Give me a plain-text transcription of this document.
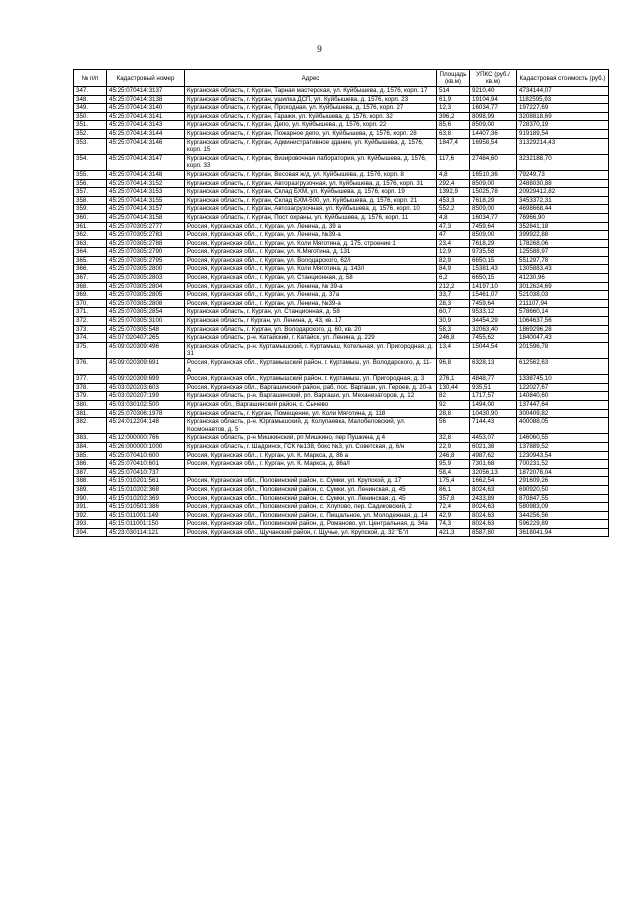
9
№ п/п	Кадастровый номер	Адрес	Площадь (кв.м)	УПКС (руб./кв.м)	Кадастровая стоимость (руб.)
347.	45:25:070414:3137	Курганская область, г. Курган, Тарная мастерская, ул. Куйбышева, д. 1576, корп. 17	514	9210,40	4734144,07
348.	45:25:070414:3138	Курганская область, г. Курган, ушилка ДСП, ул. Куйбышева, д. 1576, корп. 23	61,9	19104,94	1182595,93
349.	45:25:070414:3140	Курганская область, г. Курган, Проходная, ул. Куйбышева, д. 1576, корп. 27	12,3	16034,77	197227,69
350.	45:25:070414:3141	Курганская область, г. Курган, Гаражи, ул. Куйбышева, д. 1576, корп. 32	396,2	8098,99	3208818,69
351.	45:25:070414:3143	Курганская область, г. Курган, Депо, ул. Куйбышева, д. 1576, корп. 22	85,6	8509,00	728370,19
352.	45:25:070414:3144	Курганская область, г. Курган, Пожарное депо, ул. Куйбышева, д. 1576, корп. 28	63,8	14407,36	919189,54
353.	45:25:070414:3146	Курганская область, г. Курган, Административное здание, ул. Куйбышева, д. 1576, корп. 15	1847,4	16958,54	31329214,43
354.	45:25:070414:3147	Курганская область, г. Курган, Визировочная лаборатория, ул. Куйбышева, д. 1576, корп. 33	117,6	27484,60	3232188,70
355.	45:25:070414:3148	Курганская область, г. Курган, Весовая ж/д, ул. Куйбышева, д. 1576, корп. 8	4,8	16510,36	79249,73
356.	45:25:070414:3152	Курганская область, г. Курган, Авторазгрузочная, ул. Куйбышева, д. 1576, корп. 31	292,4	8509,00	2488030,88
357.	45:25:070414:3153	Курганская область, г. Курган, Склад БХМ, ул. Куйбышева, д. 1576, корп. 19	1392,9	15025,78	20929412,82
358.	45:25:070414:3155	Курганская область, г. Курган, Склад БХМ-500, ул. Куйбышева, д. 1576, корп. 21	453,3	7618,29	3453372,31
359.	45:25:070414:3157	Курганская область, г. Курган, Автозагрузочная, ул. Куйбышева, д. 1576, корп. 10	552,2	8509,00	4698668,44
360.	45:25:070414:3158	Курганская область, г. Курган, Пост охраны, ул. Куйбышева, д. 1576, корп. 11	4,8	16034,77	76966,90
361.	45:25:070305:2777	Россия, Курганская обл., г. Курган, ул. Ленина, д. 39 а	47,3	7459,64	352841,18
362.	45:25:070305:2783	Россия, Курганская обл., г. Курган, ул. Ленина, №39-а	47	8509,00	399922,88
363.	45:25:070305:2788	Россия, Курганская обл., г. Курган, ул. Коли Мяготина, д. 175, строение 1	23,4	7618,29	178268,06
364.	45:25:070305:2790	Россия, Курганская обл., г. Курган, ул. К.Мяготина, д. 131	12,9	9735,58	125588,97
365.	45:25:070305:2795	Россия, Курганская обл., г. Курган, ул. Володарского, 62/I	82,9	6650,15	551297,78
366.	45:25:070305:2800	Россия, Курганская обл., г. Курган, ул. Коли Мяготина, д. 143/I	84,9	15381,43	1305883,43
367.	45:25:070305:2803	Россия, Курганская обл., г. Курган, ул. Станционная, д. 58	6,2	6650,15	41230,96
368.	45:25:070305:2804	Россия, Курганская обл., г. Курган, ул. Ленина, № 39-а	212,2	14197,10	3012624,69
369.	45:25:070305:2805	Россия, Курганская обл., г. Курган, ул. Ленина, д. 37а	33,7	15461,07	521038,03
370.	45:25:070305:2808	Россия, Курганская обл., г. Курган, ул. Ленина, №39-а	28,3	7459,64	211107,94
371.	45:25:070305:2854	Курганская область, г. Курган, ул. Станционная, д. 58	60,7	9533,12	578660,14
372.	45:25:070305:3100	Курганская область, г Курган, ул. Ленина, д. 43, кв. 17	30,9	34454,29	1064637,56
373.	45:25:070305:548	Курганская область, г. Курган, ул. Володарского, д. 60, кв. 20	58,3	32063,40	1869296,28
374.	45:07:020407:265	Курганская область, р-н. Катайский, г. Катайск, ул. Ленина, д. 229	246,8	7455,62	1840047,43
375.	45:09:020309:496	Курганская область, р-н. Куртамышский, г. Куртамыш, Котельная, ул. Пригородная, д. 31	13,4	15044,54	201596,78
376.	45:09:020309:691	Россия, Курганская обл., Куртамышский район, г. Куртамыш, ул. Володарского, д. 11-А	96,8	6328,13	612562,63
377.	45:09:020309:699	Россия, Курганская обл., Куртамышский район, г. Куртамыш, ул. Пригородная, д. 3	276,1	4848,77	1338745,10
378.	45:03:020203:603	Россия, Курганская обл., Варгашинский район, раб. пос. Варгаши, ул. Героев, д. 20-а	130,44	935,51	122027,67
379.	45:03:020207:199	Курганская область, р-н. Варгашинский, рп. Варгаши, ул. Механизаторов, д. 12	82	1717,57	140840,60
380.	45:03:030102:500	Курганская обл., Варгашинский район, с. Сычево	92	1494,00	137447,64
381.	45:25:070306:1978	Курганская область, г. Курган, Помещение, ул. Коли Мяготина, д. 118	28,8	10430,90	300409,82
382.	45:24:012204:148	Курганская область, р-н. Юргамышский, д. Колупаевка, Малобеловский, ул. Космонавтов, д. 5	56	7144,43	400088,05
383.	45:12:000000:766	Курганская область, р-н Мишкинский, рп Мишкино, пер Пушкина, д 4	32,8	4453,07	146060,55
384.	45:26:000000:1000	Курганская область, г. Шадринск, ГСК №138, бокс №3, ул. Советская, д. 6/н	22,9	6021,38	137889,52
385.	45:25:070410:600	Россия, Курганская обл., г. Курган, ул. К. Маркса, д. 86 а	246,8	4987,62	1230943,54
386.	45:25:070410:601	Россия, Курганская обл., г. Курган, ул. К. Маркса, д. 86а/I	95,9	7301,68	700231,52
387.	45:25:070410:737		58,4	32056,13	1872078,04
388.	45:15:010201:561	Россия, Курганская обл., Половинский район, с. Сумки, ул. Крупской, д. 17	175,4	1662,54	291609,26
389.	45:15:010202:368	Россия, Курганская обл., Половинский район, с. Сумки, ул. Ленинская, д. 45	86,1	8024,63	690920,50
390.	45:15:010202:369	Россия, Курганская обл., Половинский район, с. Сумки, ул. Ленинская, д. 45	357,8	2433,89	870847,55
391.	45:15:010501:386	Россия, Курганская обл., Половинский район, с. Хлупово, пер. Садиковский, 2	72,4	8024,63	580983,09
392.	45:15:011001:149	Россия, Курганская обл., Половинский район, с. Пищальное, ул. Молодежная, д. 14	42,9	8024,63	344256,56
393.	45:15:011001:150	Россия, Курганская обл., Половинский район, д. Романово, ул. Центральная, д. 34а	74,3	8024,63	596229,89
394.	45:23:030114:121	Россия, Курганская обл., Щучанский район, г. Щучье, ул. Крупской, д. 32 "Б"/I	421,3	8587,80	3618041,94
